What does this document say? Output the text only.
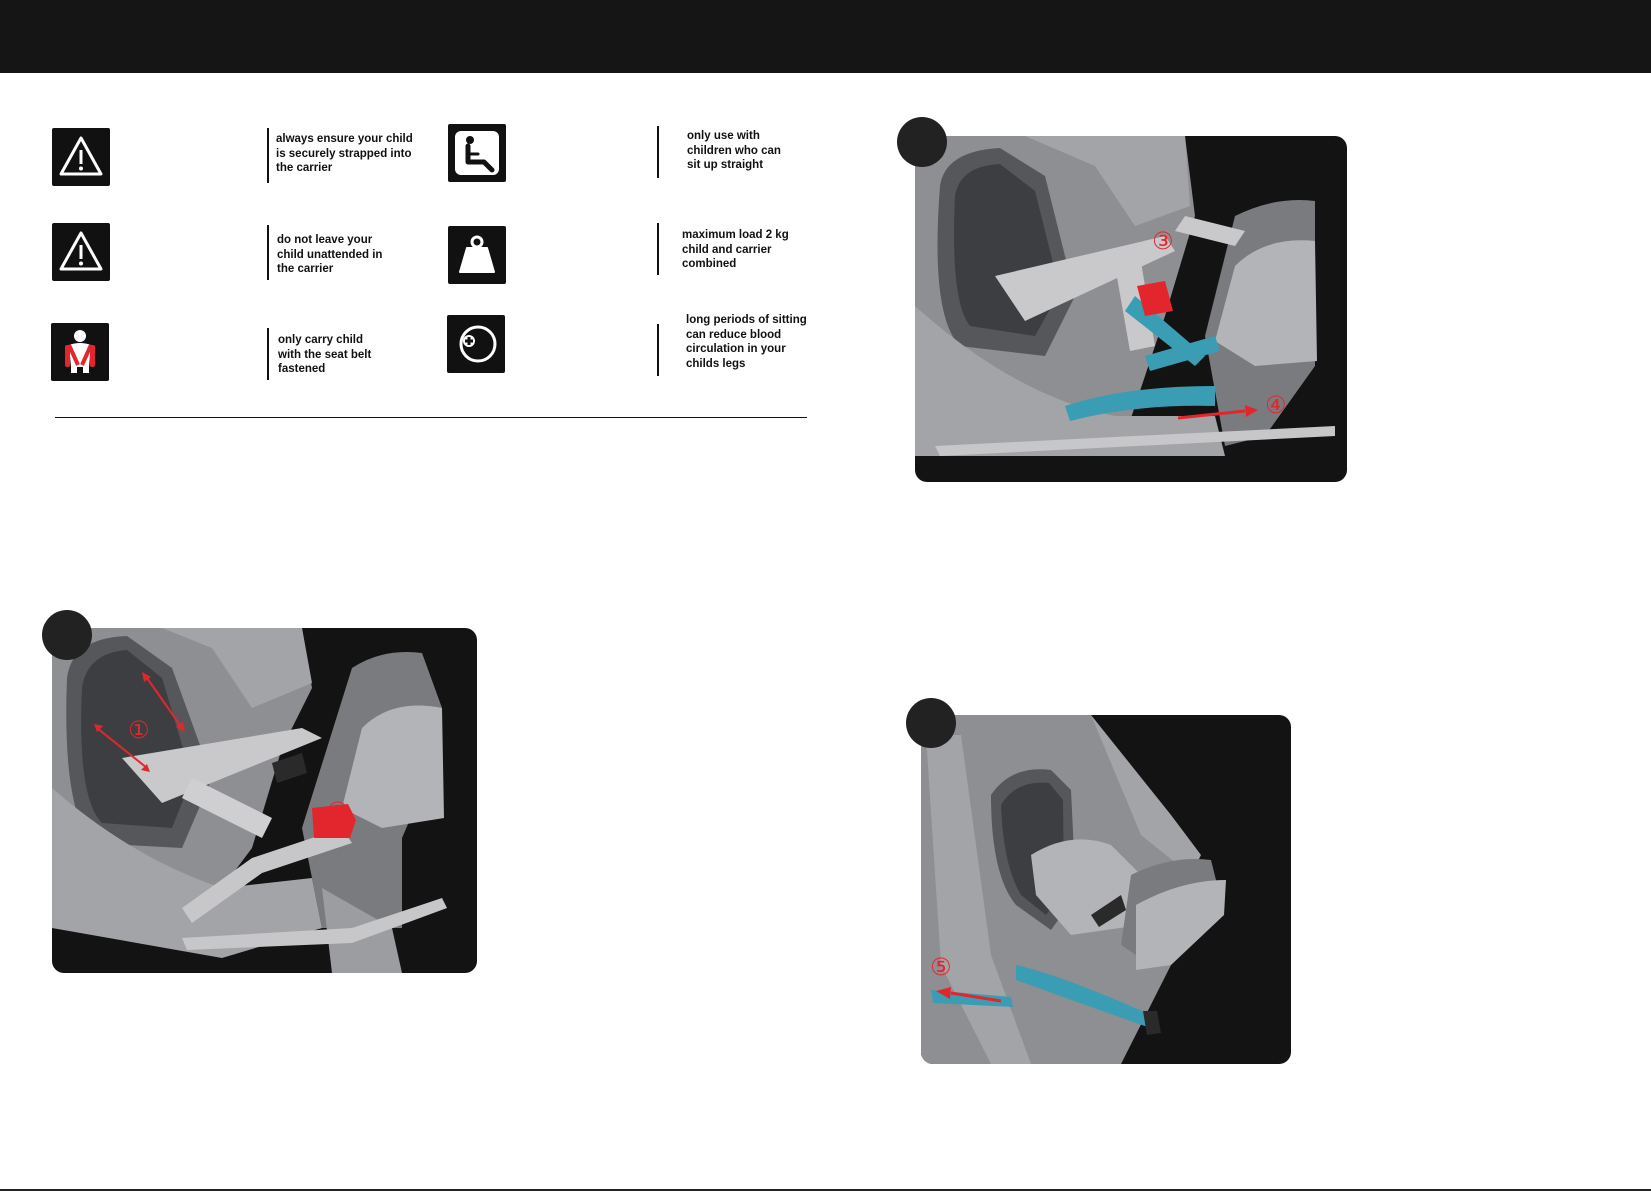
always ensure your child
is securely strapped into
the carrier
do not leave your
child unattended in
the carrier
only carry child
with the seat belt
fastened
only use with
children who can
sit up straight
maximum load 2 kg
child and carrier
combined
long periods of sitting
can reduce blood
circulation in your
childs legs
①
②
③
④
⑤
